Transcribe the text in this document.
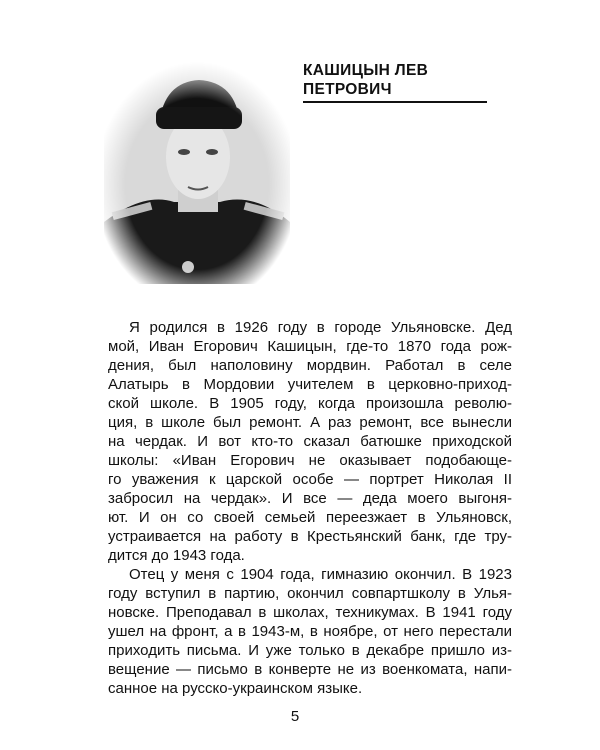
КАШИЦЫН ЛЕВ
ПЕТРОВИЧ
Я родился в 1926 году в городе Ульяновске. Дед
мой, Иван Егорович Кашицын, где-то 1870 года рож-
дения, был наполовину мордвин. Работал в селе
Алатырь в Мордовии учителем в церковно-приход-
ской школе. В 1905 году, когда произошла револю-
ция, в школе был ремонт. А раз ремонт, все вынесли
на чердак. И вот кто-то сказал батюшке приходской
школы: «Иван Егорович не оказывает подобающе-
го уважения к царской особе — портрет Николая II
забросил на чердак». И все — деда моего выгоня-
ют. И он со своей семьей переезжает в Ульяновск,
устраивается на работу в Крестьянский банк, где тру-
дится до 1943 года.
Отец у меня с 1904 года, гимназию окончил. В 1923
году вступил в партию, окончил совпартшколу в Улья-
новске. Преподавал в школах, техникумах. В 1941 году
ушел на фронт, а в 1943-м, в ноябре, от него перестали
приходить письма. И уже только в декабре пришло из-
вещение — письмо в конверте не из военкомата, напи-
санное на русско-украинском языке.
5
